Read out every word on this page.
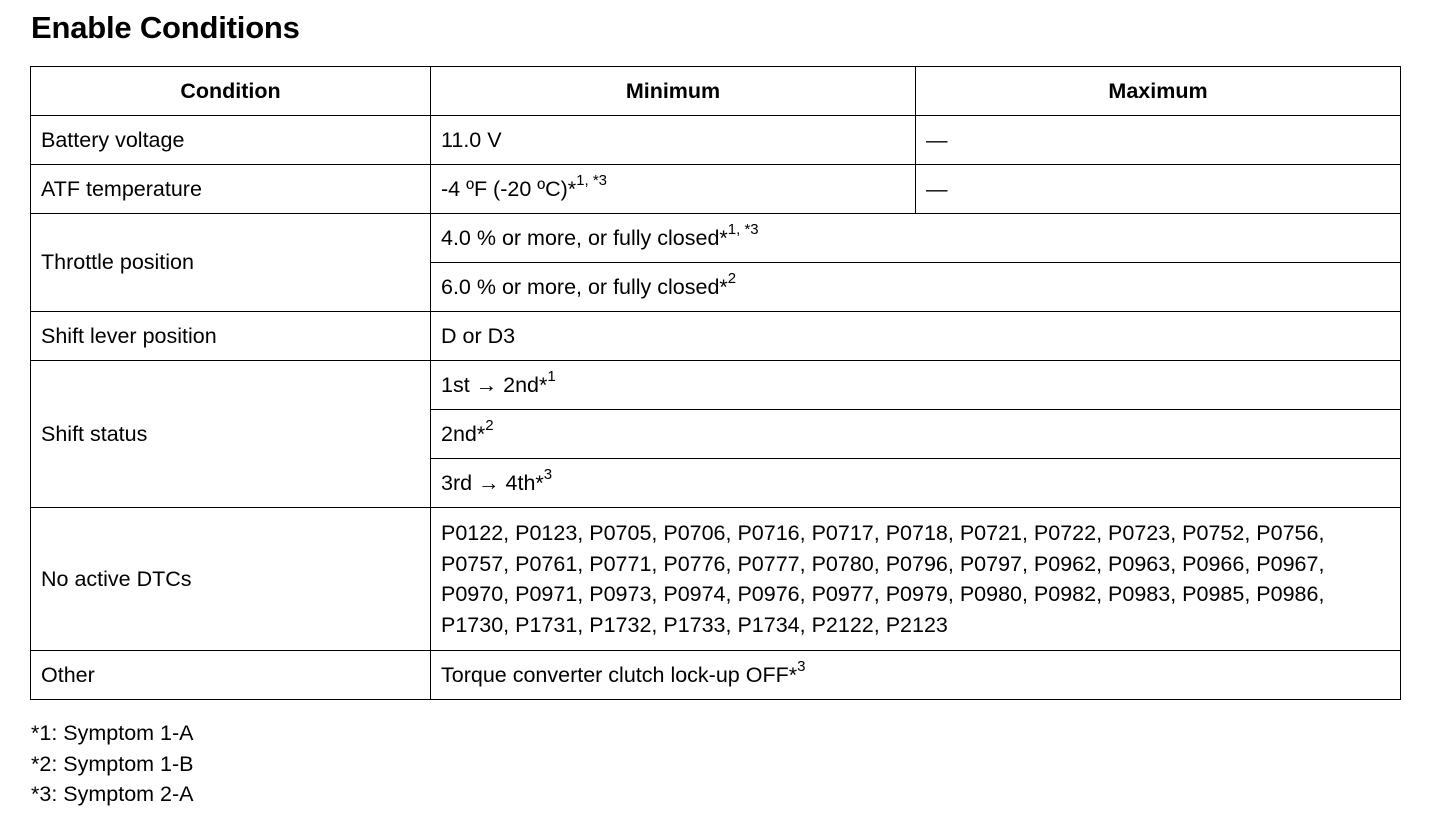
Enable Conditions
Condition	Minimum	Maximum
Battery voltage	11.0 V	—
ATF temperature	-4 ºF (-20 ºC)*$^{1, *3}$	—
Throttle position	4.0 % or more, or fully closed*$^{1, *3}$
	6.0 % or more, or fully closed*$^2$
Shift lever position	D or D3	
Shift status	1st → 2nd*$^1$
	2nd*$^2$
	3rd → 4th*$^3$
No active DTCs	P0122, P0123, P0705, P0706, P0716, P0717, P0718, P0721, P0722, P0723, P0752, P0756, P0757, P0761, P0771, P0776, P0777, P0780, P0796, P0797, P0962, P0963, P0966, P0967, P0970, P0971, P0973, P0974, P0976, P0977, P0979, P0980, P0982, P0983, P0985, P0986, P1730, P1731, P1732, P1733, P1734, P2122, P2123	
Other	Torque converter clutch lock-up OFF*$^3$
*1: Symptom 1-A
*2: Symptom 1-B
*3: Symptom 2-A
